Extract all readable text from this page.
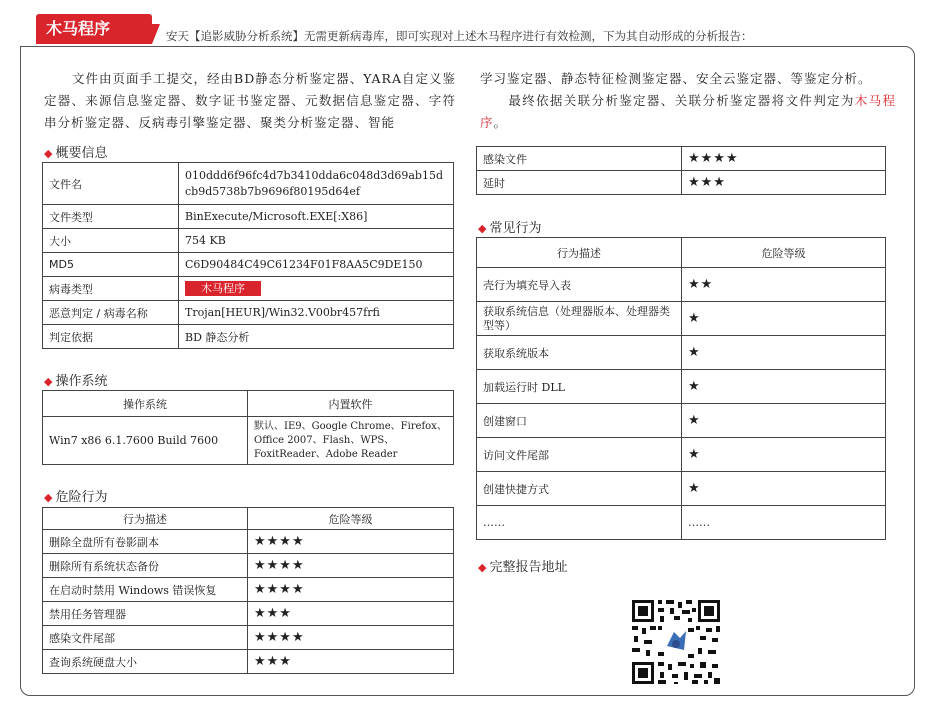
木马程序	安天【追影威胁分析系统】无需更新病毒库，即可实现对上述木马程序进行有效检测，下为其自动形成的分析报告：
文件由页面手工提交，经由BD静态分析鉴定器、YARA自定义鉴定器、来源信息鉴定器、数字证书鉴定器、元数据信息鉴定器、字符串分析鉴定器、反病毒引擎鉴定器、聚类分析鉴定器、智能
学习鉴定器、静态特征检测鉴定器、安全云鉴定器、等鉴定分析。
最终依据关联分析鉴定器、关联分析鉴定器将文件判定为木马程序。
◆ 概要信息
文件名	010ddd6f96fc4d7b3410dda6c048d3d69ab15dcb9d5738b7b9696f80195d64ef
文件类型	BinExecute/Microsoft.EXE[:X86]
大小	754 KB
MD5	C6D90484C49C61234F01F8AA5C9DE150
病毒类型	木马程序
恶意判定 / 病毒名称	Trojan[HEUR]/Win32.V00br457frfi
判定依据	BD 静态分析
◆ 操作系统
操作系统	内置软件
Win7 x86 6.1.7600 Build 7600	默认、IE9、Google Chrome、Firefox、Office 2007、Flash、WPS、FoxitReader、Adobe Reader
◆ 危险行为
行为描述	危险等级
删除全盘所有卷影副本	★★★★
删除所有系统状态备份	★★★★
在启动时禁用 Windows 错误恢复	★★★★
禁用任务管理器	★★★
感染文件尾部	★★★★
查询系统硬盘大小	★★★
感染文件	★★★★
延时	★★★
◆ 常见行为
行为描述	危险等级
壳行为填充导入表	★★
获取系统信息（处理器版本、处理器类型等）	★
获取系统版本	★
加载运行时 DLL	★
创建窗口	★
访问文件尾部	★
创建快捷方式	★
……	……
◆ 完整报告地址
